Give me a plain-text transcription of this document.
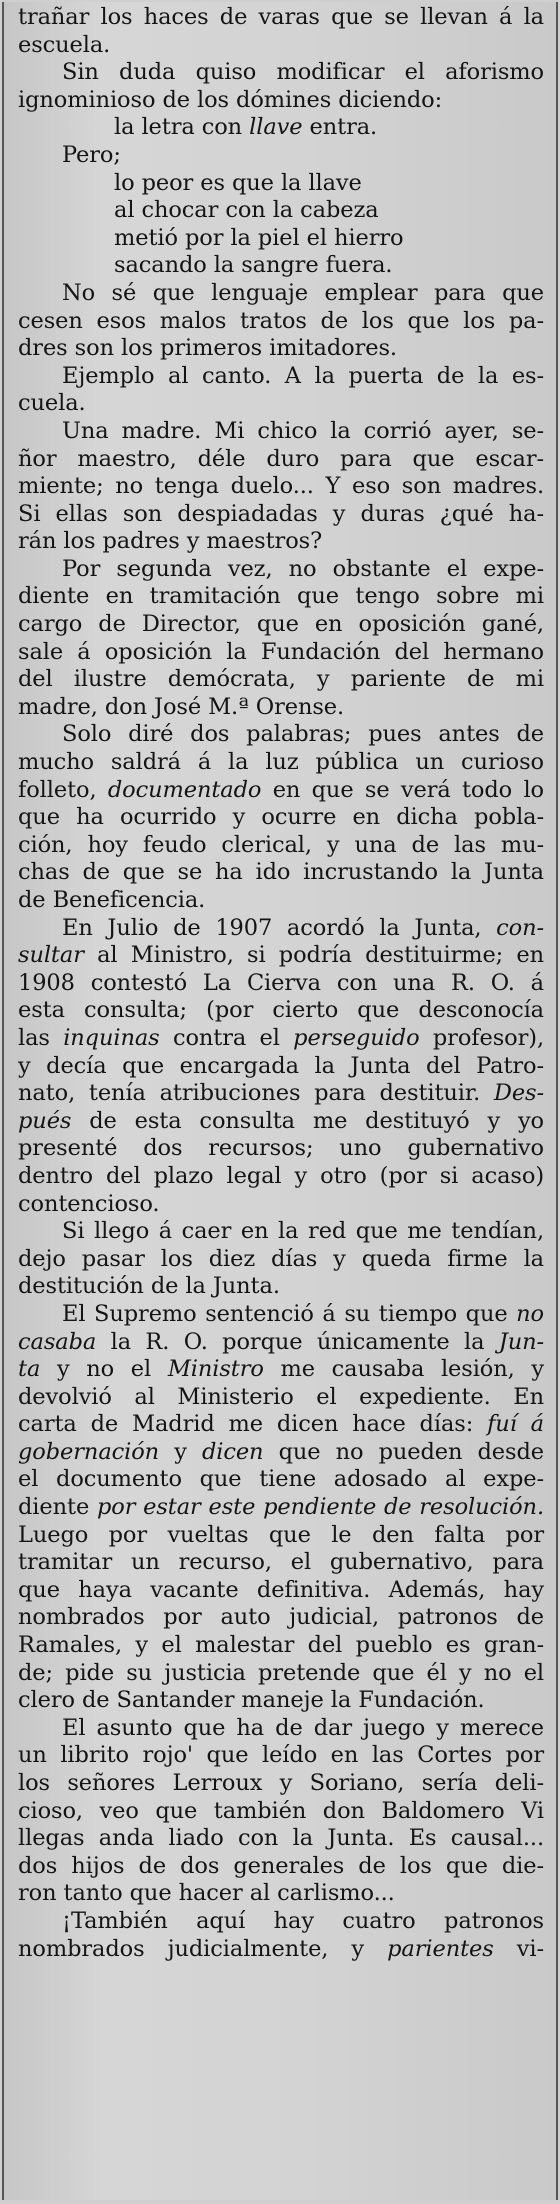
trañar los haces de varas que se llevan á la

escuela.

Sin duda quiso modificar el aforismo

ignominioso de los dómines diciendo:

la letra con llave entra.

Pero;

lo peor es que la llave

al chocar con la cabeza

metió por la piel el hierro

sacando la sangre fuera.

No sé que lenguaje emplear para que

cesen esos malos tratos de los que los pa-

dres son los primeros imitadores.

Ejemplo al canto. A la puerta de la es-

cuela.

Una madre. Mi chico la corrió ayer, se-

ñor maestro, déle duro para que escar-

miente; no tenga duelo... Y eso son madres.

Si ellas son despiadadas y duras ¿qué ha-

rán los padres y maestros?

Por segunda vez, no obstante el expe-

diente en tramitación que tengo sobre mi

cargo de Director, que en oposición gané,

sale á oposición la Fundación del hermano

del ilustre demócrata, y pariente de mi

madre, don José M.ª Orense.

Solo diré dos palabras; pues antes de

mucho saldrá á la luz pública un curioso

folleto, documentado en que se verá todo lo

que ha ocurrido y ocurre en dicha pobla-

ción, hoy feudo clerical, y una de las mu-

chas de que se ha ido incrustando la Junta

de Beneficencia.

En Julio de 1907 acordó la Junta, con-

sultar al Ministro, si podría destituirme; en

1908 contestó La Cierva con una R. O. á

esta consulta; (por cierto que desconocía

las inquinas contra el perseguido profesor),

y decía que encargada la Junta del Patro-

nato, tenía atribuciones para destituir. Des-

pués de esta consulta me destituyó y yo

presenté dos recursos; uno gubernativo

dentro del plazo legal y otro (por si acaso)

contencioso.

Si llego á caer en la red que me tendían,

dejo pasar los diez días y queda firme la

destitución de la Junta.

El Supremo sentenció á su tiempo que no

casaba la R. O. porque únicamente la Jun-

ta y no el Ministro me causaba lesión, y

devolvió al Ministerio el expediente. En

carta de Madrid me dicen hace días: fuí á

gobernación y dicen que no pueden desde

el documento que tiene adosado al expe-

diente por estar este pendiente de resolución.

Luego por vueltas que le den falta por

tramitar un recurso, el gubernativo, para

que haya vacante definitiva. Además, hay

nombrados por auto judicial, patronos de

Ramales, y el malestar del pueblo es gran-

de; pide su justicia pretende que él y no el

clero de Santander maneje la Fundación.

El asunto que ha de dar juego y merece

un librito rojo' que leído en las Cortes por

los señores Lerroux y Soriano, sería deli-

cioso, veo que también don Baldomero Vi

llegas anda liado con la Junta. Es causal...

dos hijos de dos generales de los que die-

ron tanto que hacer al carlismo...

¡También aquí hay cuatro patronos

nombrados judicialmente, y parientes vi-
